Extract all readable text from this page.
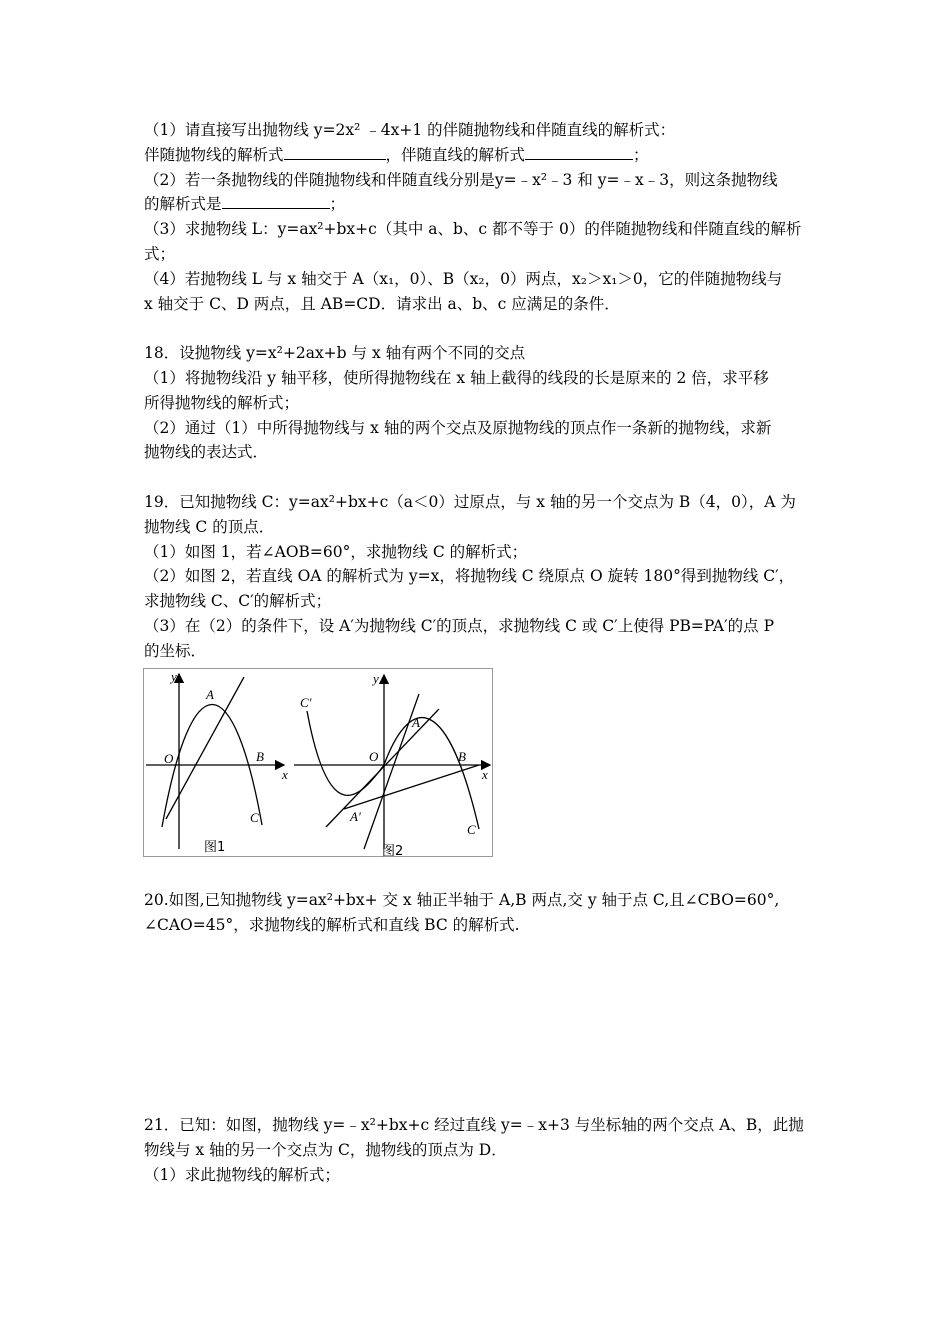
（1）请直接写出抛物线 y=2x² ﹣4x+1 的伴随抛物线和伴随直线的解析式：
伴随抛物线的解析式	，伴随直线的解析式	；
（2）若一条抛物线的伴随抛物线和伴随直线分别是y=﹣x²﹣3 和 y=﹣x﹣3，则这条抛物线
的解析式是	；
（3）求抛物线 L：y=ax²+bx+c（其中 a、b、c 都不等于 0）的伴随抛物线和伴随直线的解析
式；
（4）若抛物线 L 与 x 轴交于 A（x₁，0）、B（x₂，0）两点，x₂＞x₁＞0，它的伴随抛物线与
x 轴交于 C、D 两点，且 AB=CD．请求出 a、b、c 应满足的条件．
18．设抛物线 y=x²+2ax+b 与 x 轴有两个不同的交点
（1）将抛物线沿 y 轴平移，使所得抛物线在 x 轴上截得的线段的长是原来的 2 倍，求平移
所得抛物线的解析式；
（2）通过（1）中所得抛物线与 x 轴的两个交点及原抛物线的顶点作一条新的抛物线，求新
抛物线的表达式．
19．已知抛物线 C：y=ax²+bx+c（a＜0）过原点，与 x 轴的另一个交点为 B（4，0），A 为
抛物线 C 的顶点．
（1）如图 1，若∠AOB=60°，求抛物线 C 的解析式；
（2）如图 2，若直线 OA 的解析式为 y=x，将抛物线 C 绕原点 O 旋转 180°得到抛物线 C′，
求抛物线 C、C′的解析式；
（3）在（2）的条件下，设 A′为抛物线 C′的顶点，求抛物线 C 或 C′上使得 PB=PA′的点 P
的坐标．
y
x
O
A
B
C
图1
C′
y
x
O
A
B
A′
C
图2
20.如图,已知抛物线 y=ax²+bx+ 交 x 轴正半轴于 A,B 两点,交 y 轴于点 C,且∠CBO=60°,
∠CAO=45°，求抛物线的解析式和直线 BC 的解析式.
21．已知：如图，抛物线 y=﹣x²+bx+c 经过直线 y=﹣x+3 与坐标轴的两个交点 A、B，此抛
物线与 x 轴的另一个交点为 C，抛物线的顶点为 D．
（1）求此抛物线的解析式；
